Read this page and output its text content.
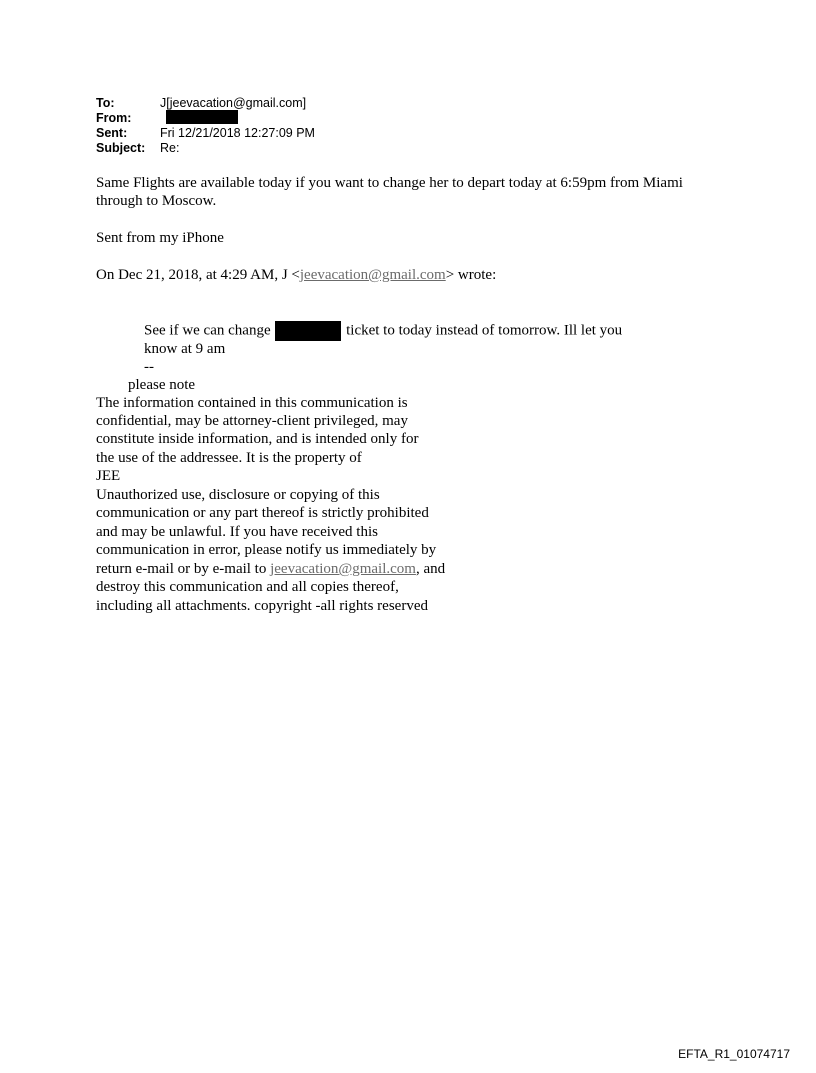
To:	J[jeevacation@gmail.com]
From:
Sent:	Fri 12/21/2018 12:27:09 PM
Subject: Re:
Same Flights are available today if you want to change her to depart today at 6:59pm from Miami
through to Moscow.
Sent from my iPhone
On Dec 21, 2018, at 4:29 AM, J <jeevacation@gmail.com> wrote:
See if we can change	ticket to today instead of tomorrow. Ill let you
know at 9 am
--
please note
The information contained in this communication is
confidential, may be attorney-client privileged, may
constitute inside information, and is intended only for
the use of the addressee. It is the property of
JEE
Unauthorized use, disclosure or copying of this
communication or any part thereof is strictly prohibited
and may be unlawful. If you have received this
communication in error, please notify us immediately by
return e-mail or by e-mail to jeevacation@gmail.com, and
destroy this communication and all copies thereof,
including all attachments. copyright -all rights reserved
EFTA_R1_01074717
